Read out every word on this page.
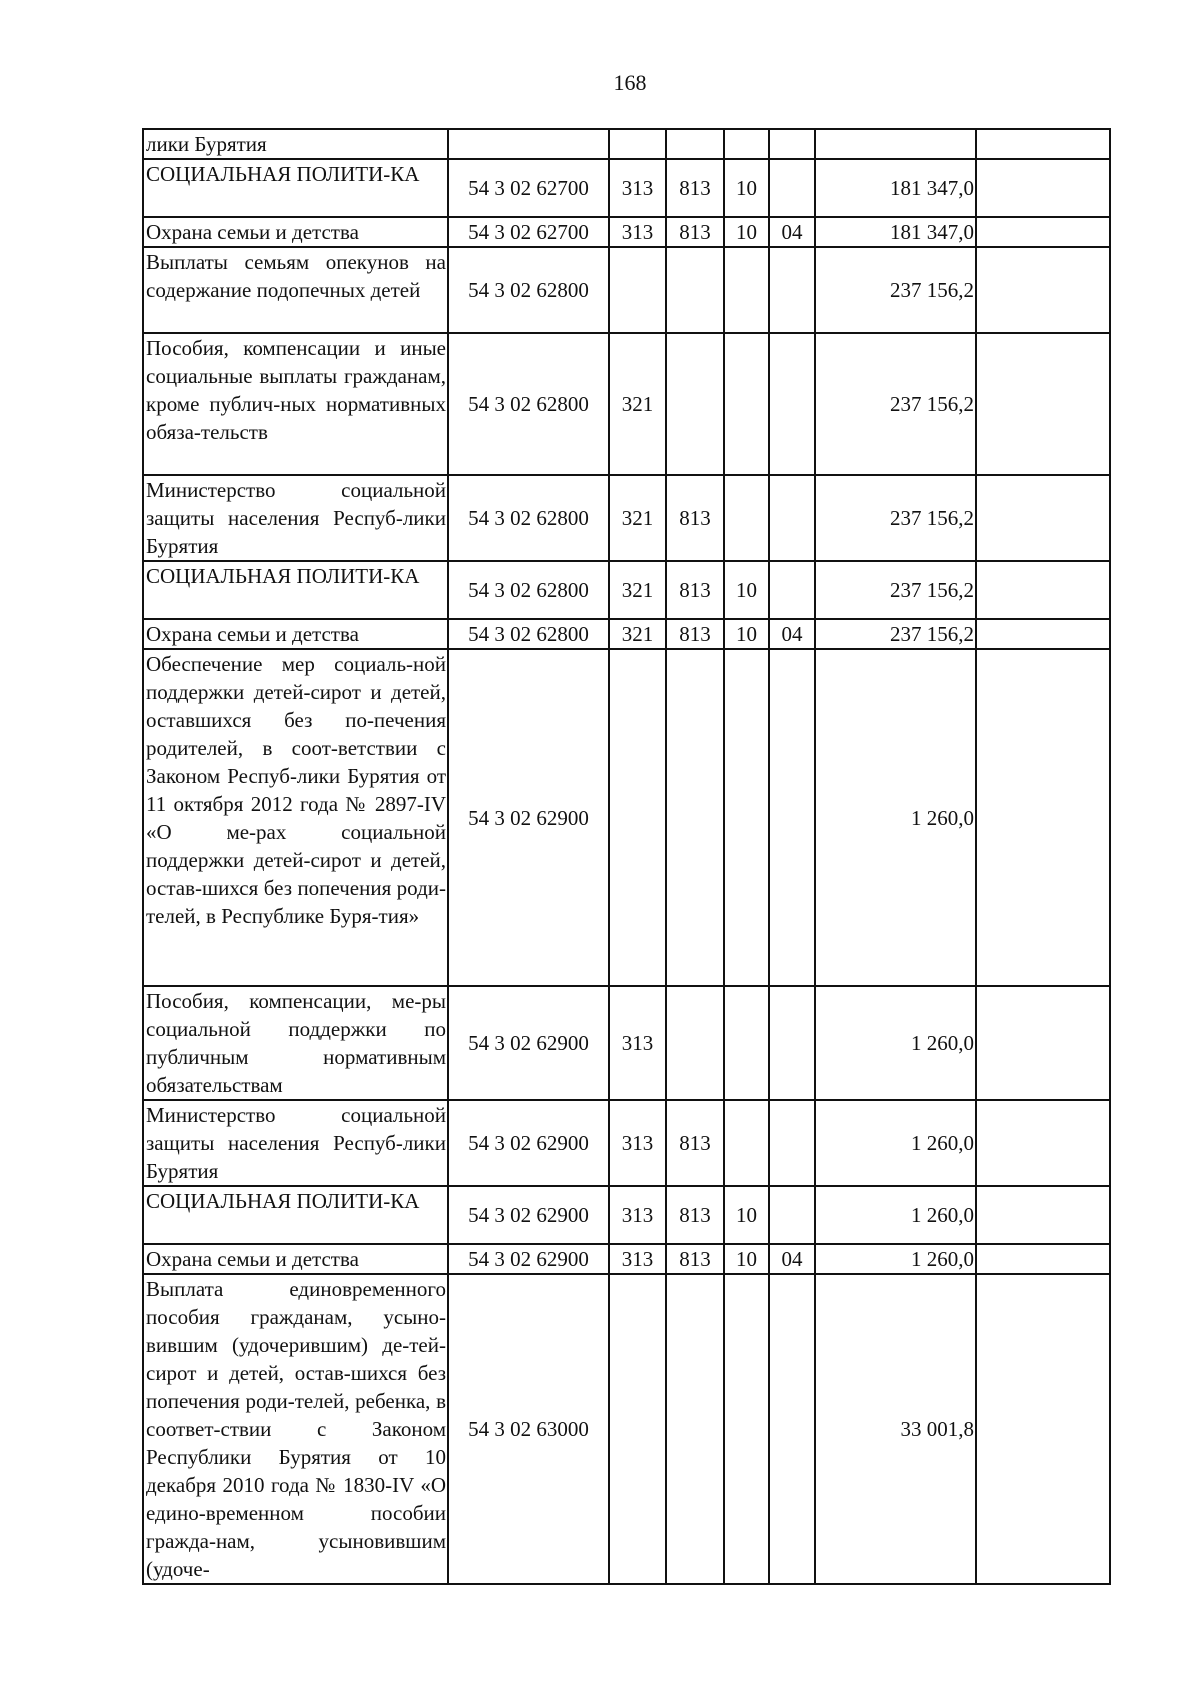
168
лики Бурятия							
СОЦИАЛЬНАЯ ПОЛИТИ-КА	54 3 02 62700	313	813	10		181 347,0	
Охрана семьи и детства	54 3 02 62700	313	813	10	04	181 347,0	
Выплаты семьям опекунов на содержание подопечных детей	54 3 02 62800					237 156,2	
Пособия, компенсации и иные социальные выплаты гражданам, кроме публич-ных нормативных обяза-тельств	54 3 02 62800	321				237 156,2	
Министерство социальной защиты населения Респуб-лики Бурятия	54 3 02 62800	321	813			237 156,2	
СОЦИАЛЬНАЯ ПОЛИТИ-КА	54 3 02 62800	321	813	10		237 156,2	
Охрана семьи и детства	54 3 02 62800	321	813	10	04	237 156,2	
Обеспечение мер социаль-ной поддержки детей-сирот и детей, оставшихся без по-печения родителей, в соот-ветствии с Законом Респуб-лики Бурятия от 11 октября 2012 года № 2897-IV «О ме-рах социальной поддержки детей-сирот и детей, остав-шихся без попечения роди-телей, в Республике Буря-тия»	54 3 02 62900					1 260,0	
Пособия, компенсации, ме-ры социальной поддержки по публичным нормативным обязательствам	54 3 02 62900	313				1 260,0	
Министерство социальной защиты населения Респуб-лики Бурятия	54 3 02 62900	313	813			1 260,0	
СОЦИАЛЬНАЯ ПОЛИТИ-КА	54 3 02 62900	313	813	10		1 260,0	
Охрана семьи и детства	54 3 02 62900	313	813	10	04	1 260,0	
Выплата единовременного пособия гражданам, усыно-вившим (удочерившим) де-тей-сирот и детей, остав-шихся без попечения роди-телей, ребенка, в соответ-ствии с Законом Республики Бурятия от 10 декабря 2010 года № 1830-IV «О едино-временном пособии гражда-нам, усыновившим (удоче-	54 3 02 63000					33 001,8	
